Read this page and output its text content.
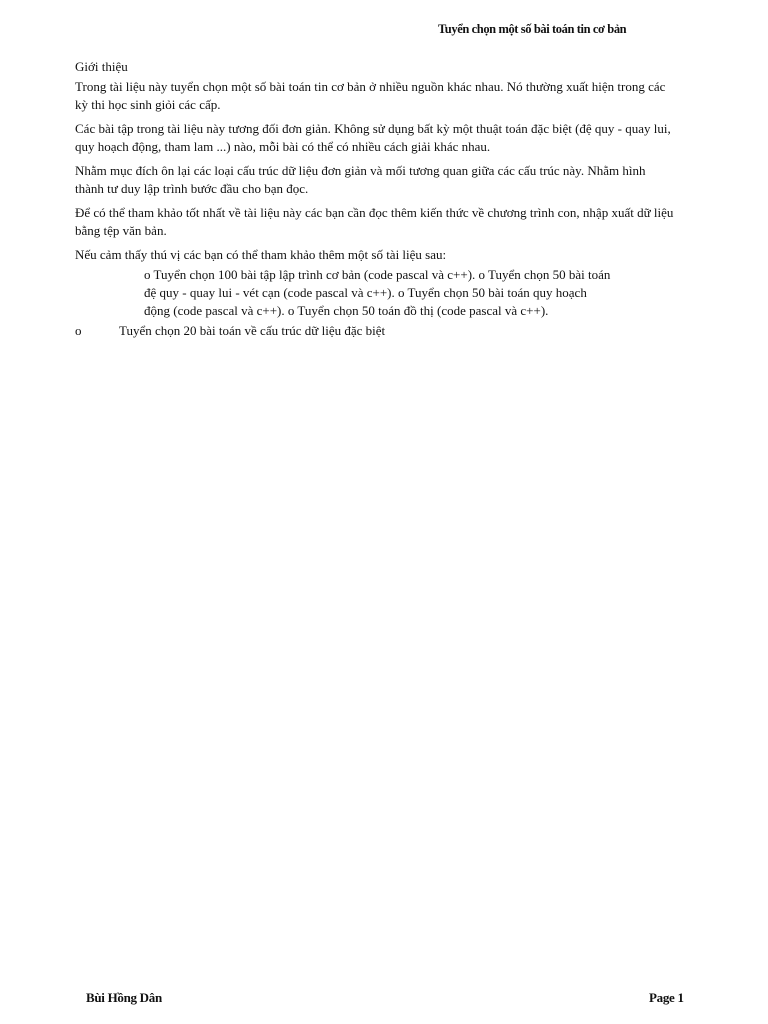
Tuyển chọn một số bài toán tin cơ bản

Giới thiệu

Trong tài liệu này tuyển chọn một số bài toán tin cơ bản ở nhiều nguồn khác nhau. Nó thường xuất hiện trong các kỳ thi học sinh giỏi các cấp.

Các bài tập trong tài liệu này tương đối đơn giản. Không sử dụng bất kỳ một thuật toán đặc biệt (đệ quy - quay lui, quy hoạch động, tham lam ...) nào, mỗi bài có thể có nhiều cách giải khác nhau.

Nhằm mục đích ôn lại các loại cấu trúc dữ liệu đơn giản và mối tương quan giữa các cấu trúc này. Nhằm hình thành tư duy lập trình bước đầu cho bạn đọc.

Để có thể tham khảo tốt nhất về tài liệu này các bạn cần đọc thêm kiến thức về chương trình con, nhập xuất dữ liệu bằng tệp văn bản.

Nếu cảm thấy thú vị các bạn có thể tham khảo thêm một số tài liệu sau:

o Tuyển chọn 100 bài tập lập trình cơ bản (code pascal và c++). o Tuyển chọn 50 bài toán đệ quy - quay lui - vét cạn (code pascal và c++). o Tuyển chọn 50 bài toán quy hoạch động (code pascal và c++). o Tuyển chọn 50 toán đồ thị (code pascal và c++).
o	Tuyển chọn 20 bài toán về cấu trúc dữ liệu đặc biệt
Bùi Hồng Dân	Page 1
